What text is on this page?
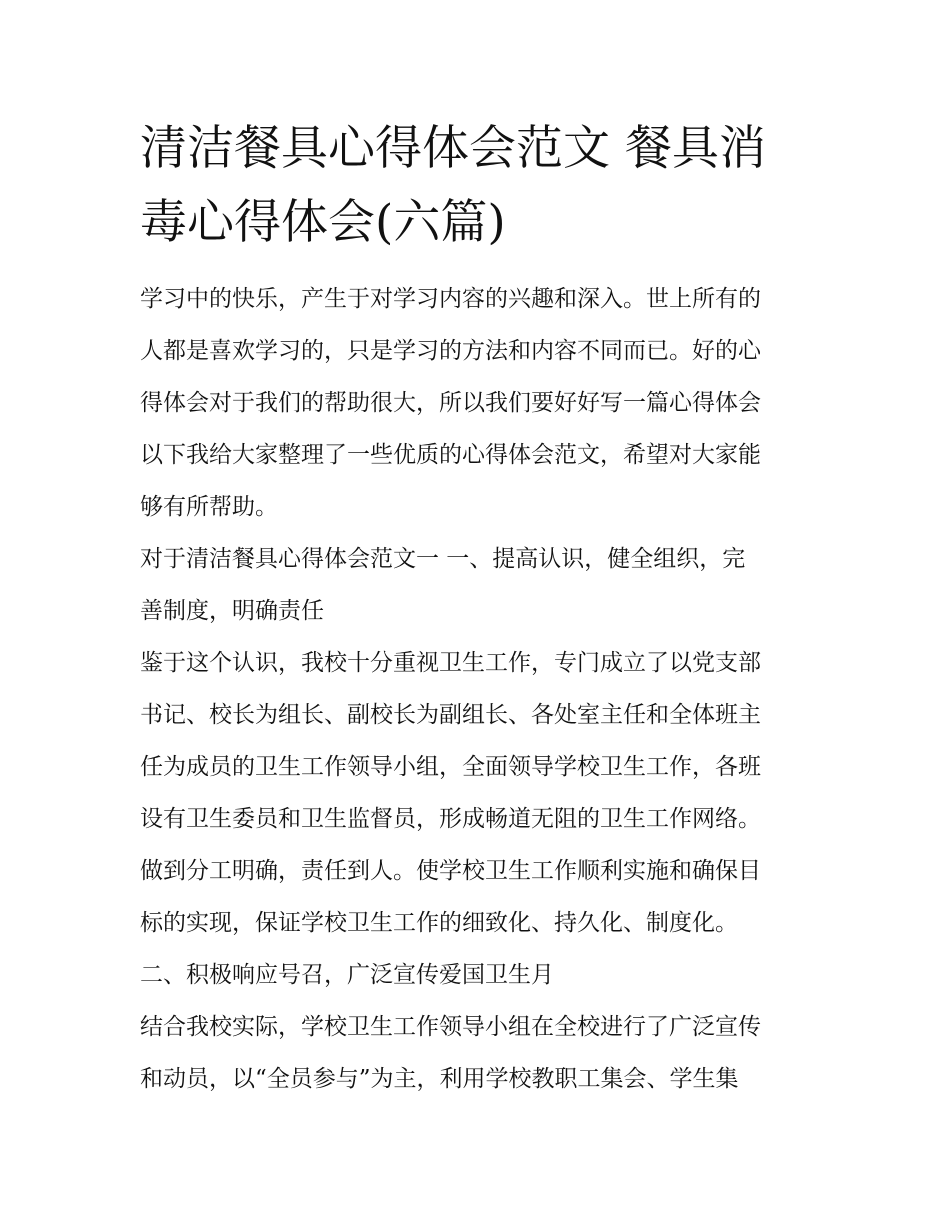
清洁餐具心得体会范文 餐具消
毒心得体会(六篇)

学习中的快乐，产生于对学习内容的兴趣和深入。世上所有的
人都是喜欢学习的，只是学习的方法和内容不同而已。好的心
得体会对于我们的帮助很大，所以我们要好好写一篇心得体会
以下我给大家整理了一些优质的心得体会范文，希望对大家能
够有所帮助。

对于清洁餐具心得体会范文一 一、提高认识，健全组织，完
善制度，明确责任

鉴于这个认识，我校十分重视卫生工作，专门成立了以党支部
书记、校长为组长、副校长为副组长、各处室主任和全体班主
任为成员的卫生工作领导小组，全面领导学校卫生工作，各班
设有卫生委员和卫生监督员，形成畅道无阻的卫生工作网络。
做到分工明确，责任到人。使学校卫生工作顺利实施和确保目
标的实现，保证学校卫生工作的细致化、持久化、制度化。

二、积极响应号召，广泛宣传爱国卫生月

结合我校实际，学校卫生工作领导小组在全校进行了广泛宣传
和动员，以“全员参与”为主，利用学校教职工集会、学生集
